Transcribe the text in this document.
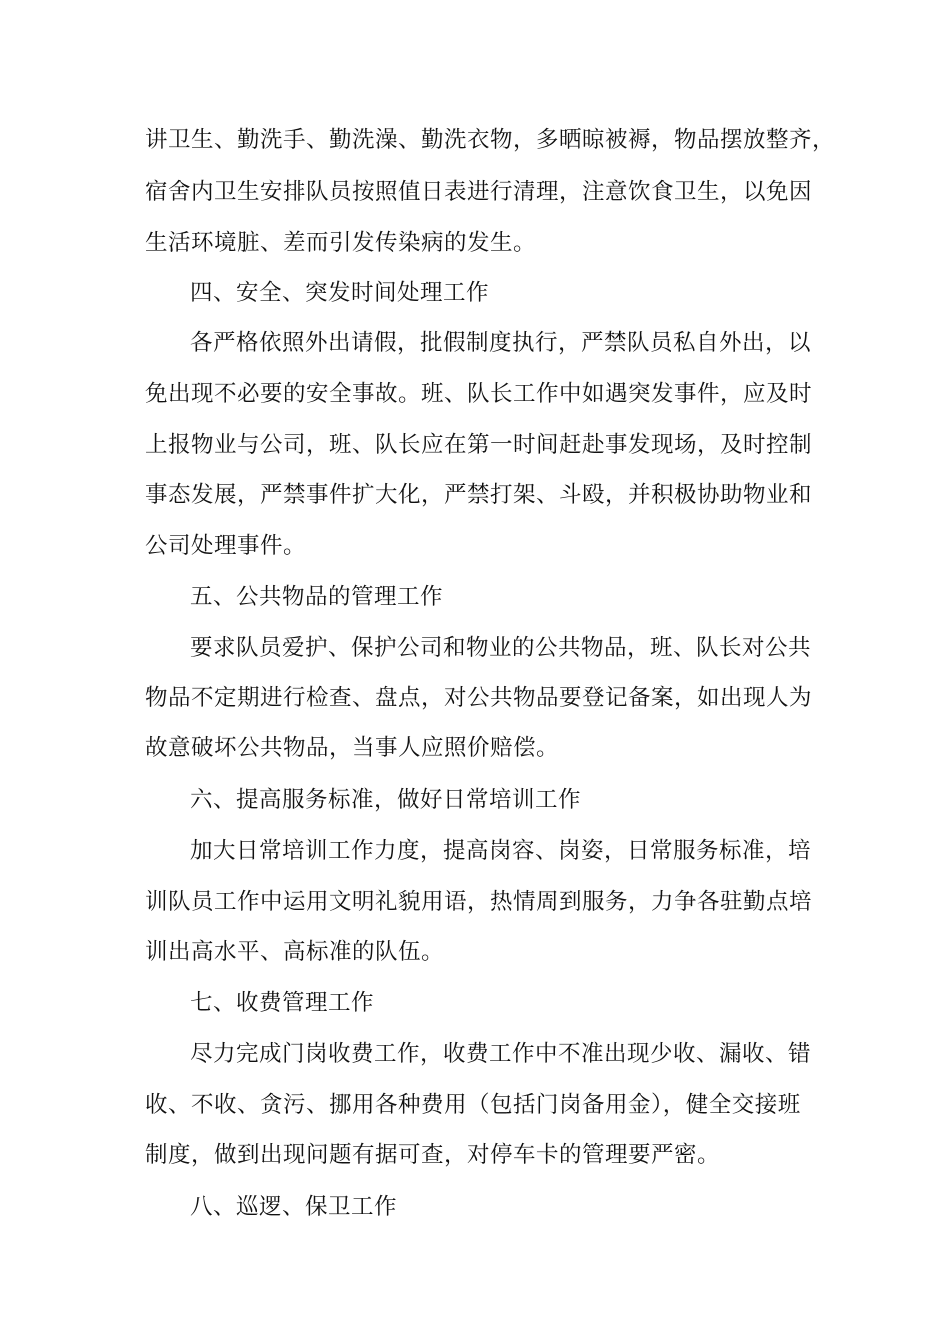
讲卫生、勤洗手、勤洗澡、勤洗衣物，多晒晾被褥，物品摆放整齐，
宿舍内卫生安排队员按照值日表进行清理，注意饮食卫生，以免因
生活环境脏、差而引发传染病的发生。
四、安全、突发时间处理工作
各严格依照外出请假，批假制度执行，严禁队员私自外出，以
免出现不必要的安全事故。班、队长工作中如遇突发事件，应及时
上报物业与公司，班、队长应在第一时间赶赴事发现场，及时控制
事态发展，严禁事件扩大化，严禁打架、斗殴，并积极协助物业和
公司处理事件。
五、公共物品的管理工作
要求队员爱护、保护公司和物业的公共物品，班、队长对公共
物品不定期进行检查、盘点，对公共物品要登记备案，如出现人为
故意破坏公共物品，当事人应照价赔偿。
六、提高服务标准，做好日常培训工作
加大日常培训工作力度，提高岗容、岗姿，日常服务标准，培
训队员工作中运用文明礼貌用语，热情周到服务，力争各驻勤点培
训出高水平、高标准的队伍。
七、收费管理工作
尽力完成门岗收费工作，收费工作中不准出现少收、漏收、错
收、不收、贪污、挪用各种费用（包括门岗备用金），健全交接班
制度，做到出现问题有据可查，对停车卡的管理要严密。
八、巡逻、保卫工作
